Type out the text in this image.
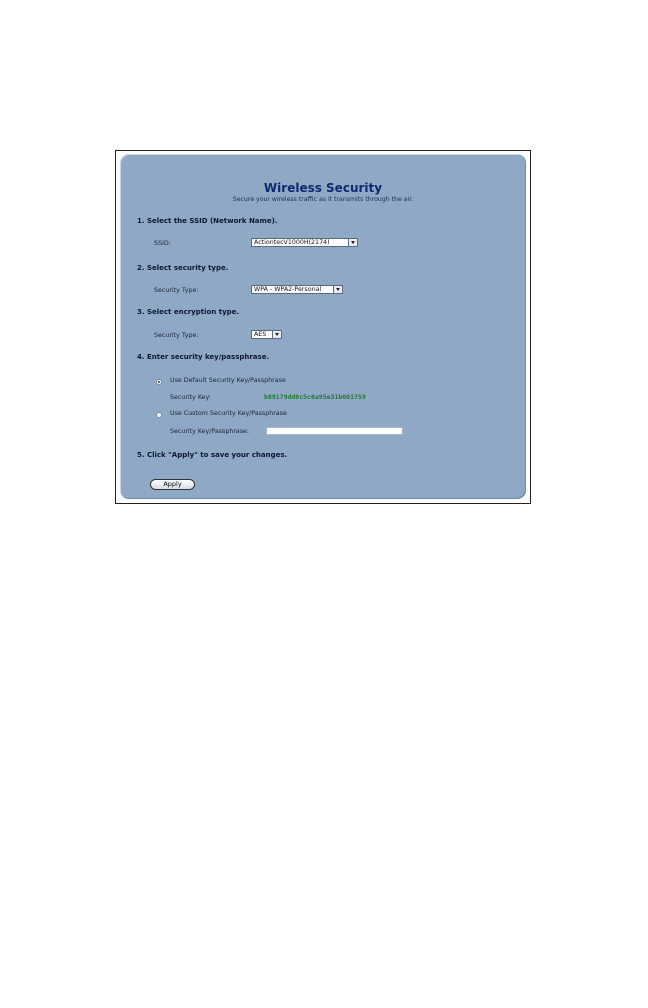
Wireless Security
Secure your wireless traffic as it transmits through the air.
1. Select the SSID (Network Name).
SSID:	ActiontecV1000H(2174)
2. Select security type.
Security Type:	WPA - WPA2-Personal
3. Select encryption type.
Security Type:	AES
4. Enter security key/passphrase.
Use Default Security Key/Passphrase
Security Key:	b89179dd0c5c0a95e31b001759
Use Custom Security Key/Passphrase
Security Key/Passphrase:
5. Click "Apply" to save your changes.
Apply
